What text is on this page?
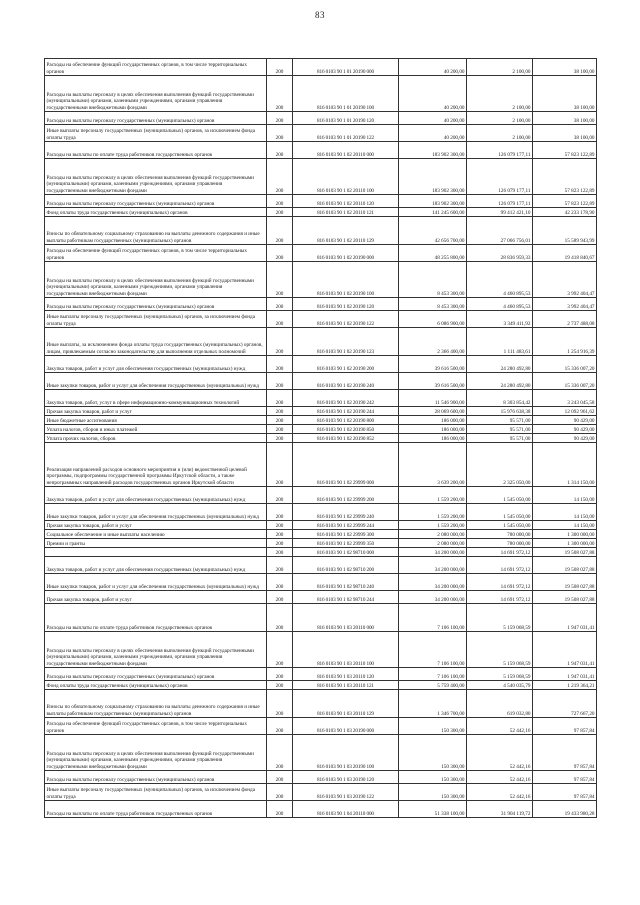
83
Расходы на обеспечение функций государственных органов, в том числе территориальных органов	200	816 0103 90 1 01 20190 000	40 200,00	2 100,00	38 100,00
Расходы на выплаты персоналу в целях обеспечения выполнения функций государственными (муниципальными) органами, казенными учреждениями, органами управления государственными внебюджетными фондами	200	816 0103 90 1 01 20190 100	40 200,00	2 100,00	38 100,00
Расходы на выплаты персоналу государственных (муниципальных) органов	200	816 0103 90 1 01 20190 120	40 200,00	2 100,00	38 100,00
Иные выплаты персоналу государственных (муниципальных) органов, за исключением фонда оплаты труда	200	816 0103 90 1 01 20190 122	40 200,00	2 100,00	38 100,00
Расходы на выплаты по оплате труда работников государственных органов	200	816 0103 90 1 02 20110 000	183 902 300,00	126 079 177,11	57 823 122,89
Расходы на выплаты персоналу в целях обеспечения выполнения функций государственными (муниципальными) органами, казенными учреждениями, органами управления государственными внебюджетными фондами	200	816 0103 90 1 02 20110 100	183 902 300,00	126 079 177,11	57 823 122,89
Расходы на выплаты персоналу государственных (муниципальных) органов	200	816 0103 90 1 02 20110 120	183 902 300,00	126 079 177,11	57 823 122,89
Фонд оплаты труда государственных (муниципальных) органов	200	816 0103 90 1 02 20110 121	141 245 600,00	99 412 421,10	42 233 178,90
Взносы по обязательному социальному страхованию на выплаты денежного содержания и иные выплаты работникам государственных (муниципальных) органов	200	816 0103 90 1 02 20110 129	42 656 700,00	27 066 756,01	15 589 943,99
Расходы на обеспечение функций государственных органов, в том числе территориальных органов	200	816 0103 90 1 02 20190 000	48 255 800,00	28 836 959,33	19 418 840,67
Расходы на выплаты персоналу в целях обеспечения выполнения функций государственными (муниципальными) органами, казенными учреждениями, органами управления государственными внебюджетными фондами	200	816 0103 90 1 02 20190 100	8 453 300,00	4 460 895,53	3 992 404,47
Расходы на выплаты персоналу государственных (муниципальных) органов	200	816 0103 90 1 02 20190 120	8 453 300,00	4 460 895,53	3 992 404,47
Иные выплаты персоналу государственных (муниципальных) органов, за исключением фонда оплаты труда	200	816 0103 90 1 02 20190 122	6 086 900,00	3 349 411,92	2 737 488,08
Иные выплаты, за исключением фонда оплаты труда государственных (муниципальных) органов, лицам, привлекаемым согласно законодательству для выполнения отдельных полномочий	200	816 0103 90 1 02 20190 123	2 366 400,00	1 111 483,61	1 254 916,39
Закупка товаров, работ и услуг для обеспечения государственных (муниципальных) нужд	200	816 0103 90 1 02 20190 200	39 616 500,00	24 280 492,80	15 336 007,20
Иные закупки товаров, работ и услуг для обеспечения государственных (муниципальных) нужд	200	816 0103 90 1 02 20190 240	39 616 500,00	24 280 492,80	15 336 007,20
Закупка товаров, работ, услуг в сфере информационно-коммуникационных технологий	200	816 0103 90 1 02 20190 242	11 546 900,00	8 303 854,42	3 243 045,58
Прочая закупка товаров, работ и услуг	200	816 0103 90 1 02 20190 244	28 069 600,00	15 976 638,38	12 092 961,62
Иные бюджетные ассигнования	200	816 0103 90 1 02 20190 800	186 000,00	95 571,00	90 429,00
Уплата налогов, сборов и иных платежей	200	816 0103 90 1 02 20190 850	186 000,00	95 571,00	90 429,00
Уплата прочих налогов, сборов	200	816 0103 90 1 02 20190 852	186 000,00	95 571,00	90 429,00
Реализация направлений расходов основного мероприятия и (или) ведомственной целевой программы, подпрограммы государственной программы Иркутской области, а также непрограммных направлений расходов государственных органов Иркутской области	200	816 0103 90 1 02 29999 000	3 639 200,00	2 325 050,00	1 314 150,00
Закупка товаров, работ и услуг для обеспечения государственных (муниципальных) нужд	200	816 0103 90 1 02 29999 200	1 559 200,00	1 545 050,00	14 150,00
Иные закупки товаров, работ и услуг для обеспечения государственных (муниципальных) нужд	200	816 0103 90 1 02 29999 240	1 559 200,00	1 545 050,00	14 150,00
Прочая закупка товаров, работ и услуг	200	816 0103 90 1 02 29999 244	1 559 200,00	1 545 050,00	14 150,00
Социальное обеспечение и иные выплаты населению	200	816 0103 90 1 02 29999 300	2 080 000,00	780 000,00	1 300 000,00
Премии и гранты	200	816 0103 90 1 02 29999 350	2 080 000,00	780 000,00	1 300 000,00
	200	816 0103 90 1 02 98710 000	34 200 000,00	14 691 972,12	19 508 027,88
Закупка товаров, работ и услуг для обеспечения государственных (муниципальных) нужд	200	816 0103 90 1 02 98710 200	34 200 000,00	14 691 972,12	19 508 027,88
Иные закупки товаров, работ и услуг для обеспечения государственных (муниципальных) нужд	200	816 0103 90 1 02 98710 240	34 200 000,00	14 691 972,12	19 508 027,88
Прочая закупка товаров, работ и услуг	200	816 0103 90 1 02 98710 244	34 200 000,00	14 691 972,12	19 508 027,88
Расходы на выплаты по оплате труда работников государственных органов	200	816 0103 90 1 03 20110 000	7 106 100,00	5 159 068,59	1 947 031,41
Расходы на выплаты персоналу в целях обеспечения выполнения функций государственными (муниципальными) органами, казенными учреждениями, органами управления государственными внебюджетными фондами	200	816 0103 90 1 03 20110 100	7 106 100,00	5 159 068,59	1 947 031,41
Расходы на выплаты персоналу государственных (муниципальных) органов	200	816 0103 90 1 03 20110 120	7 106 100,00	5 159 068,59	1 947 031,41
Фонд оплаты труда государственных (муниципальных) органов	200	816 0103 90 1 03 20110 121	5 759 400,00	4 540 035,79	1 219 364,21
Взносы по обязательному социальному страхованию на выплаты денежного содержания и иные выплаты работникам государственных (муниципальных) органов	200	816 0103 90 1 03 20110 129	1 346 700,00	619 032,80	727 667,20
Расходы на обеспечение функций государственных органов, в том числе территориальных органов	200	816 0103 90 1 03 20190 000	150 300,00	52 442,16	97 857,84
Расходы на выплаты персоналу в целях обеспечения выполнения функций государственными (муниципальными) органами, казенными учреждениями, органами управления государственными внебюджетными фондами	200	816 0103 90 1 03 20190 100	150 300,00	52 442,16	97 857,84
Расходы на выплаты персоналу государственных (муниципальных) органов	200	816 0103 90 1 03 20190 120	150 300,00	52 442,16	97 857,84
Иные выплаты персоналу государственных (муниципальных) органов, за исключением фонда оплаты труда	200	816 0103 90 1 03 20190 122	150 300,00	52 442,16	97 857,84
Расходы на выплаты по оплате труда работников государственных органов	200	816 0103 90 1 04 20110 000	51 338 100,00	31 904 119,72	19 433 980,28
